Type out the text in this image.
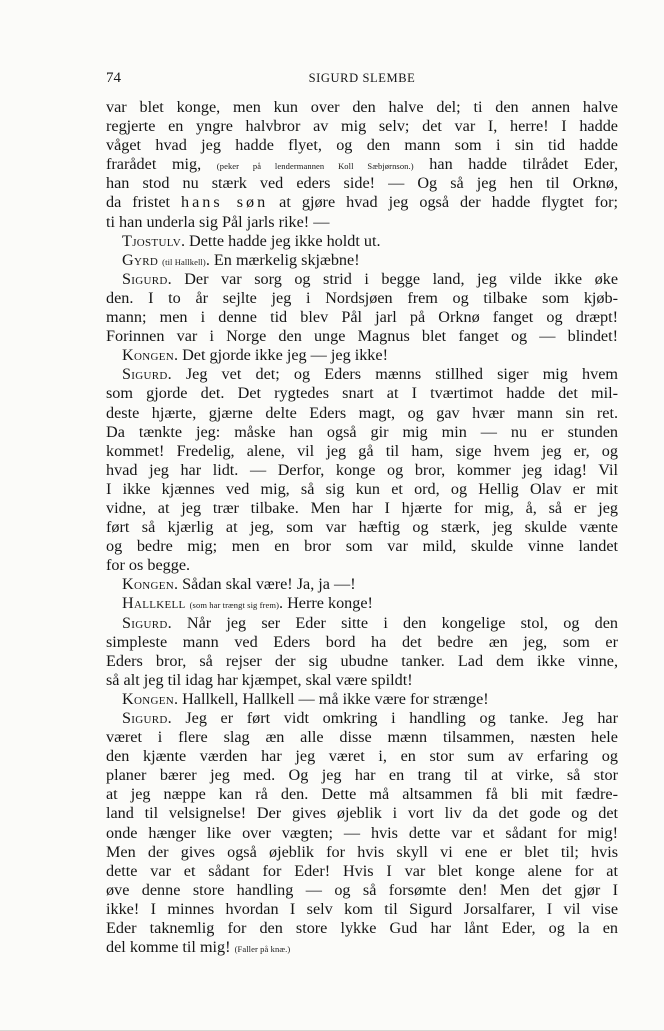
74	SIGURD SLEMBE
var blet konge, men kun over den halve del; ti den annen halve
regjerte en yngre halvbror av mig selv; det var I, herre! I hadde
våget hvad jeg hadde flyet, og den mann som i sin tid hadde
frarådet mig, (peker på lendermannen Koll Sæbjørnson.) han hadde tilrådet Eder,
han stod nu stærk ved eders side! — Og så jeg hen til Orknø,
da fristet hans søn at gjøre hvad jeg også der hadde flygtet for;
ti han underla sig Pål jarls rike! —
Tjostulv. Dette hadde jeg ikke holdt ut.
Gyrd (til Hallkell). En mærkelig skjæbne!
Sigurd. Der var sorg og strid i begge land, jeg vilde ikke øke
den. I to år sejlte jeg i Nordsjøen frem og tilbake som kjøb-
mann; men i denne tid blev Pål jarl på Orknø fanget og dræpt!
Forinnen var i Norge den unge Magnus blet fanget og — blindet!
Kongen. Det gjorde ikke jeg — jeg ikke!
Sigurd. Jeg vet det; og Eders mænns stillhed siger mig hvem
som gjorde det. Det rygtedes snart at I tværtimot hadde det mil-
deste hjærte, gjærne delte Eders magt, og gav hvær mann sin ret.
Da tænkte jeg: måske han også gir mig min — nu er stunden
kommet! Fredelig, alene, vil jeg gå til ham, sige hvem jeg er, og
hvad jeg har lidt. — Derfor, konge og bror, kommer jeg idag! Vil
I ikke kjænnes ved mig, så sig kun et ord, og Hellig Olav er mit
vidne, at jeg trær tilbake. Men har I hjærte for mig, å, så er jeg
ført så kjærlig at jeg, som var hæftig og stærk, jeg skulde vænte
og bedre mig; men en bror som var mild, skulde vinne landet
for os begge.
Kongen. Sådan skal være! Ja, ja —!
Hallkell (som har trængt sig frem). Herre konge!
Sigurd. Når jeg ser Eder sitte i den kongelige stol, og den
simpleste mann ved Eders bord ha det bedre æn jeg, som er
Eders bror, så rejser der sig ubudne tanker. Lad dem ikke vinne,
så alt jeg til idag har kjæmpet, skal være spildt!
Kongen. Hallkell, Hallkell — må ikke være for strænge!
Sigurd. Jeg er ført vidt omkring i handling og tanke. Jeg har
været i flere slag æn alle disse mænn tilsammen, næsten hele
den kjænte værden har jeg været i, en stor sum av erfaring og
planer bærer jeg med. Og jeg har en trang til at virke, så stor
at jeg næppe kan rå den. Dette må altsammen få bli mit fædre-
land til velsignelse! Der gives øjeblik i vort liv da det gode og det
onde hænger like over vægten; — hvis dette var et sådant for mig!
Men der gives også øjeblik for hvis skyll vi ene er blet til; hvis
dette var et sådant for Eder! Hvis I var blet konge alene for at
øve denne store handling — og så forsømte den! Men det gjør I
ikke! I minnes hvordan I selv kom til Sigurd Jorsalfarer, I vil vise
Eder taknemlig for den store lykke Gud har lånt Eder, og la en
del komme til mig! (Faller på knæ.)
